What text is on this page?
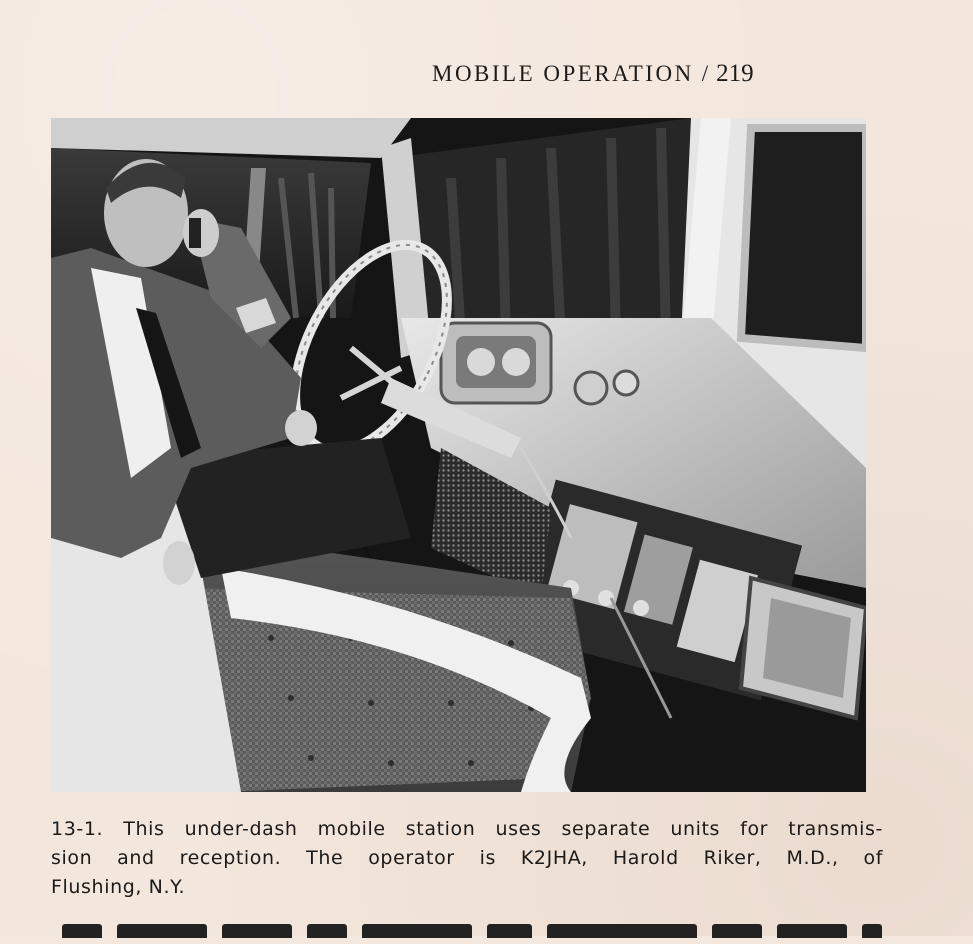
MOBILE OPERATION / 219
13-1. This under-dash mobile station uses separate units for transmis-
sion and reception. The operator is K2JHA, Harold Riker, M.D., of
Flushing, N.Y.
